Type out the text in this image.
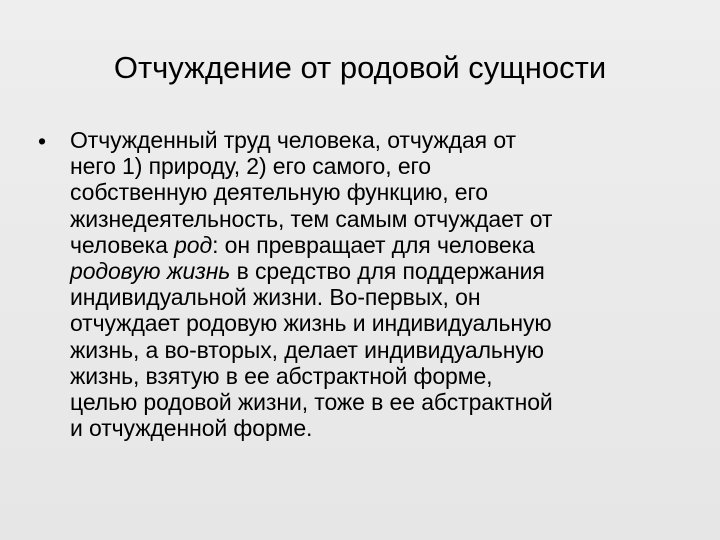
Отчуждение от родовой сущности
• Отчужденный труд человека, отчуждая от
него 1) природу, 2) его самого, его
собственную деятельную функцию, его
жизнедеятельность, тем самым отчуждает от
человека род: он превращает для человека
родовую жизнь в средство для поддержания
индивидуальной жизни. Во-первых, он
отчуждает родовую жизнь и индивидуальную
жизнь, а во-вторых, делает индивидуальную
жизнь, взятую в ее абстрактной форме,
целью родовой жизни, тоже в ее абстрактной
и отчужденной форме.
